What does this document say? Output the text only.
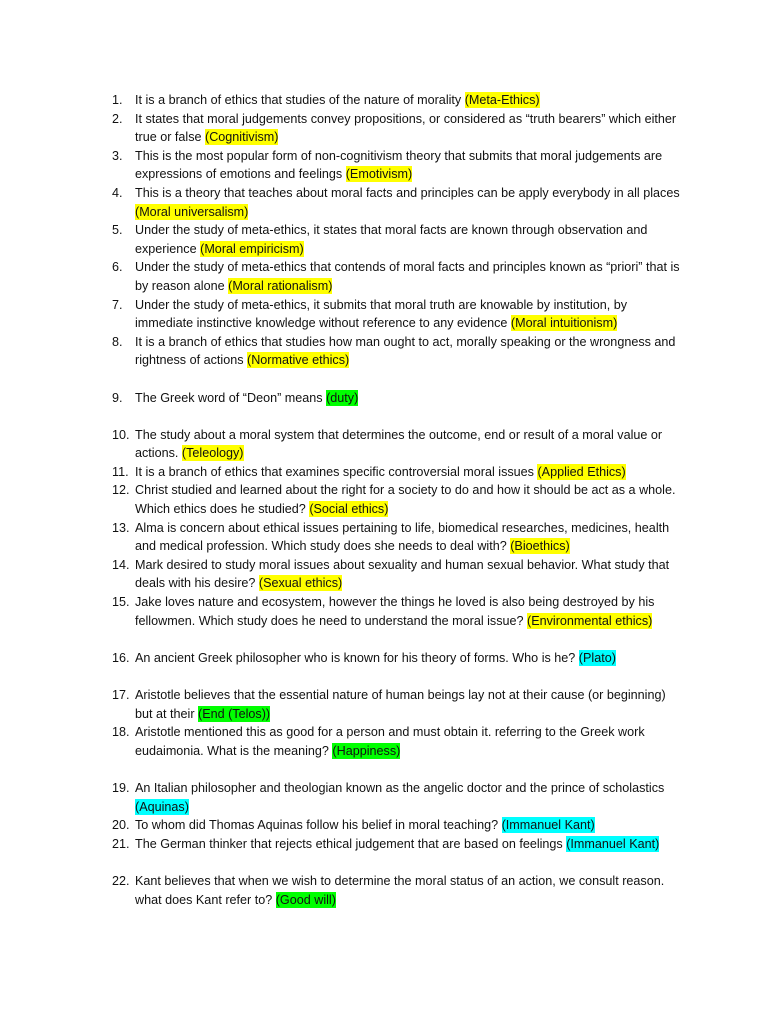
1. It is a branch of ethics that studies of the nature of morality (Meta-Ethics)
2. It states that moral judgements convey propositions, or considered as “truth bearers” which either true or false (Cognitivism)
3. This is the most popular form of non-cognitivism theory that submits that moral judgements are expressions of emotions and feelings (Emotivism)
4. This is a theory that teaches about moral facts and principles can be apply everybody in all places (Moral universalism)
5. Under the study of meta-ethics, it states that moral facts are known through observation and experience (Moral empiricism)
6. Under the study of meta-ethics that contends of moral facts and principles known as “priori” that is by reason alone (Moral rationalism)
7. Under the study of meta-ethics, it submits that moral truth are knowable by institution, by immediate instinctive knowledge without reference to any evidence (Moral intuitionism)
8. It is a branch of ethics that studies how man ought to act, morally speaking or the wrongness and rightness of actions (Normative ethics)
9. The Greek word of “Deon” means (duty)
10. The study about a moral system that determines the outcome, end or result of a moral value or actions. (Teleology)
11. It is a branch of ethics that examines specific controversial moral issues (Applied Ethics)
12. Christ studied and learned about the right for a society to do and how it should be act as a whole. Which ethics does he studied? (Social ethics)
13. Alma is concern about ethical issues pertaining to life, biomedical researches, medicines, health and medical profession. Which study does she needs to deal with? (Bioethics)
14. Mark desired to study moral issues about sexuality and human sexual behavior. What study that deals with his desire? (Sexual ethics)
15. Jake loves nature and ecosystem, however the things he loved is also being destroyed by his fellowmen. Which study does he need to understand the moral issue? (Environmental ethics)
16. An ancient Greek philosopher who is known for his theory of forms. Who is he? (Plato)
17. Aristotle believes that the essential nature of human beings lay not at their cause (or beginning) but at their (End (Telos))
18. Aristotle mentioned this as good for a person and must obtain it. referring to the Greek work eudaimonia. What is the meaning? (Happiness)
19. An Italian philosopher and theologian known as the angelic doctor and the prince of scholastics (Aquinas)
20. To whom did Thomas Aquinas follow his belief in moral teaching? (Immanuel Kant)
21. The German thinker that rejects ethical judgement that are based on feelings (Immanuel Kant)
22. Kant believes that when we wish to determine the moral status of an action, we consult reason. what does Kant refer to? (Good will)
